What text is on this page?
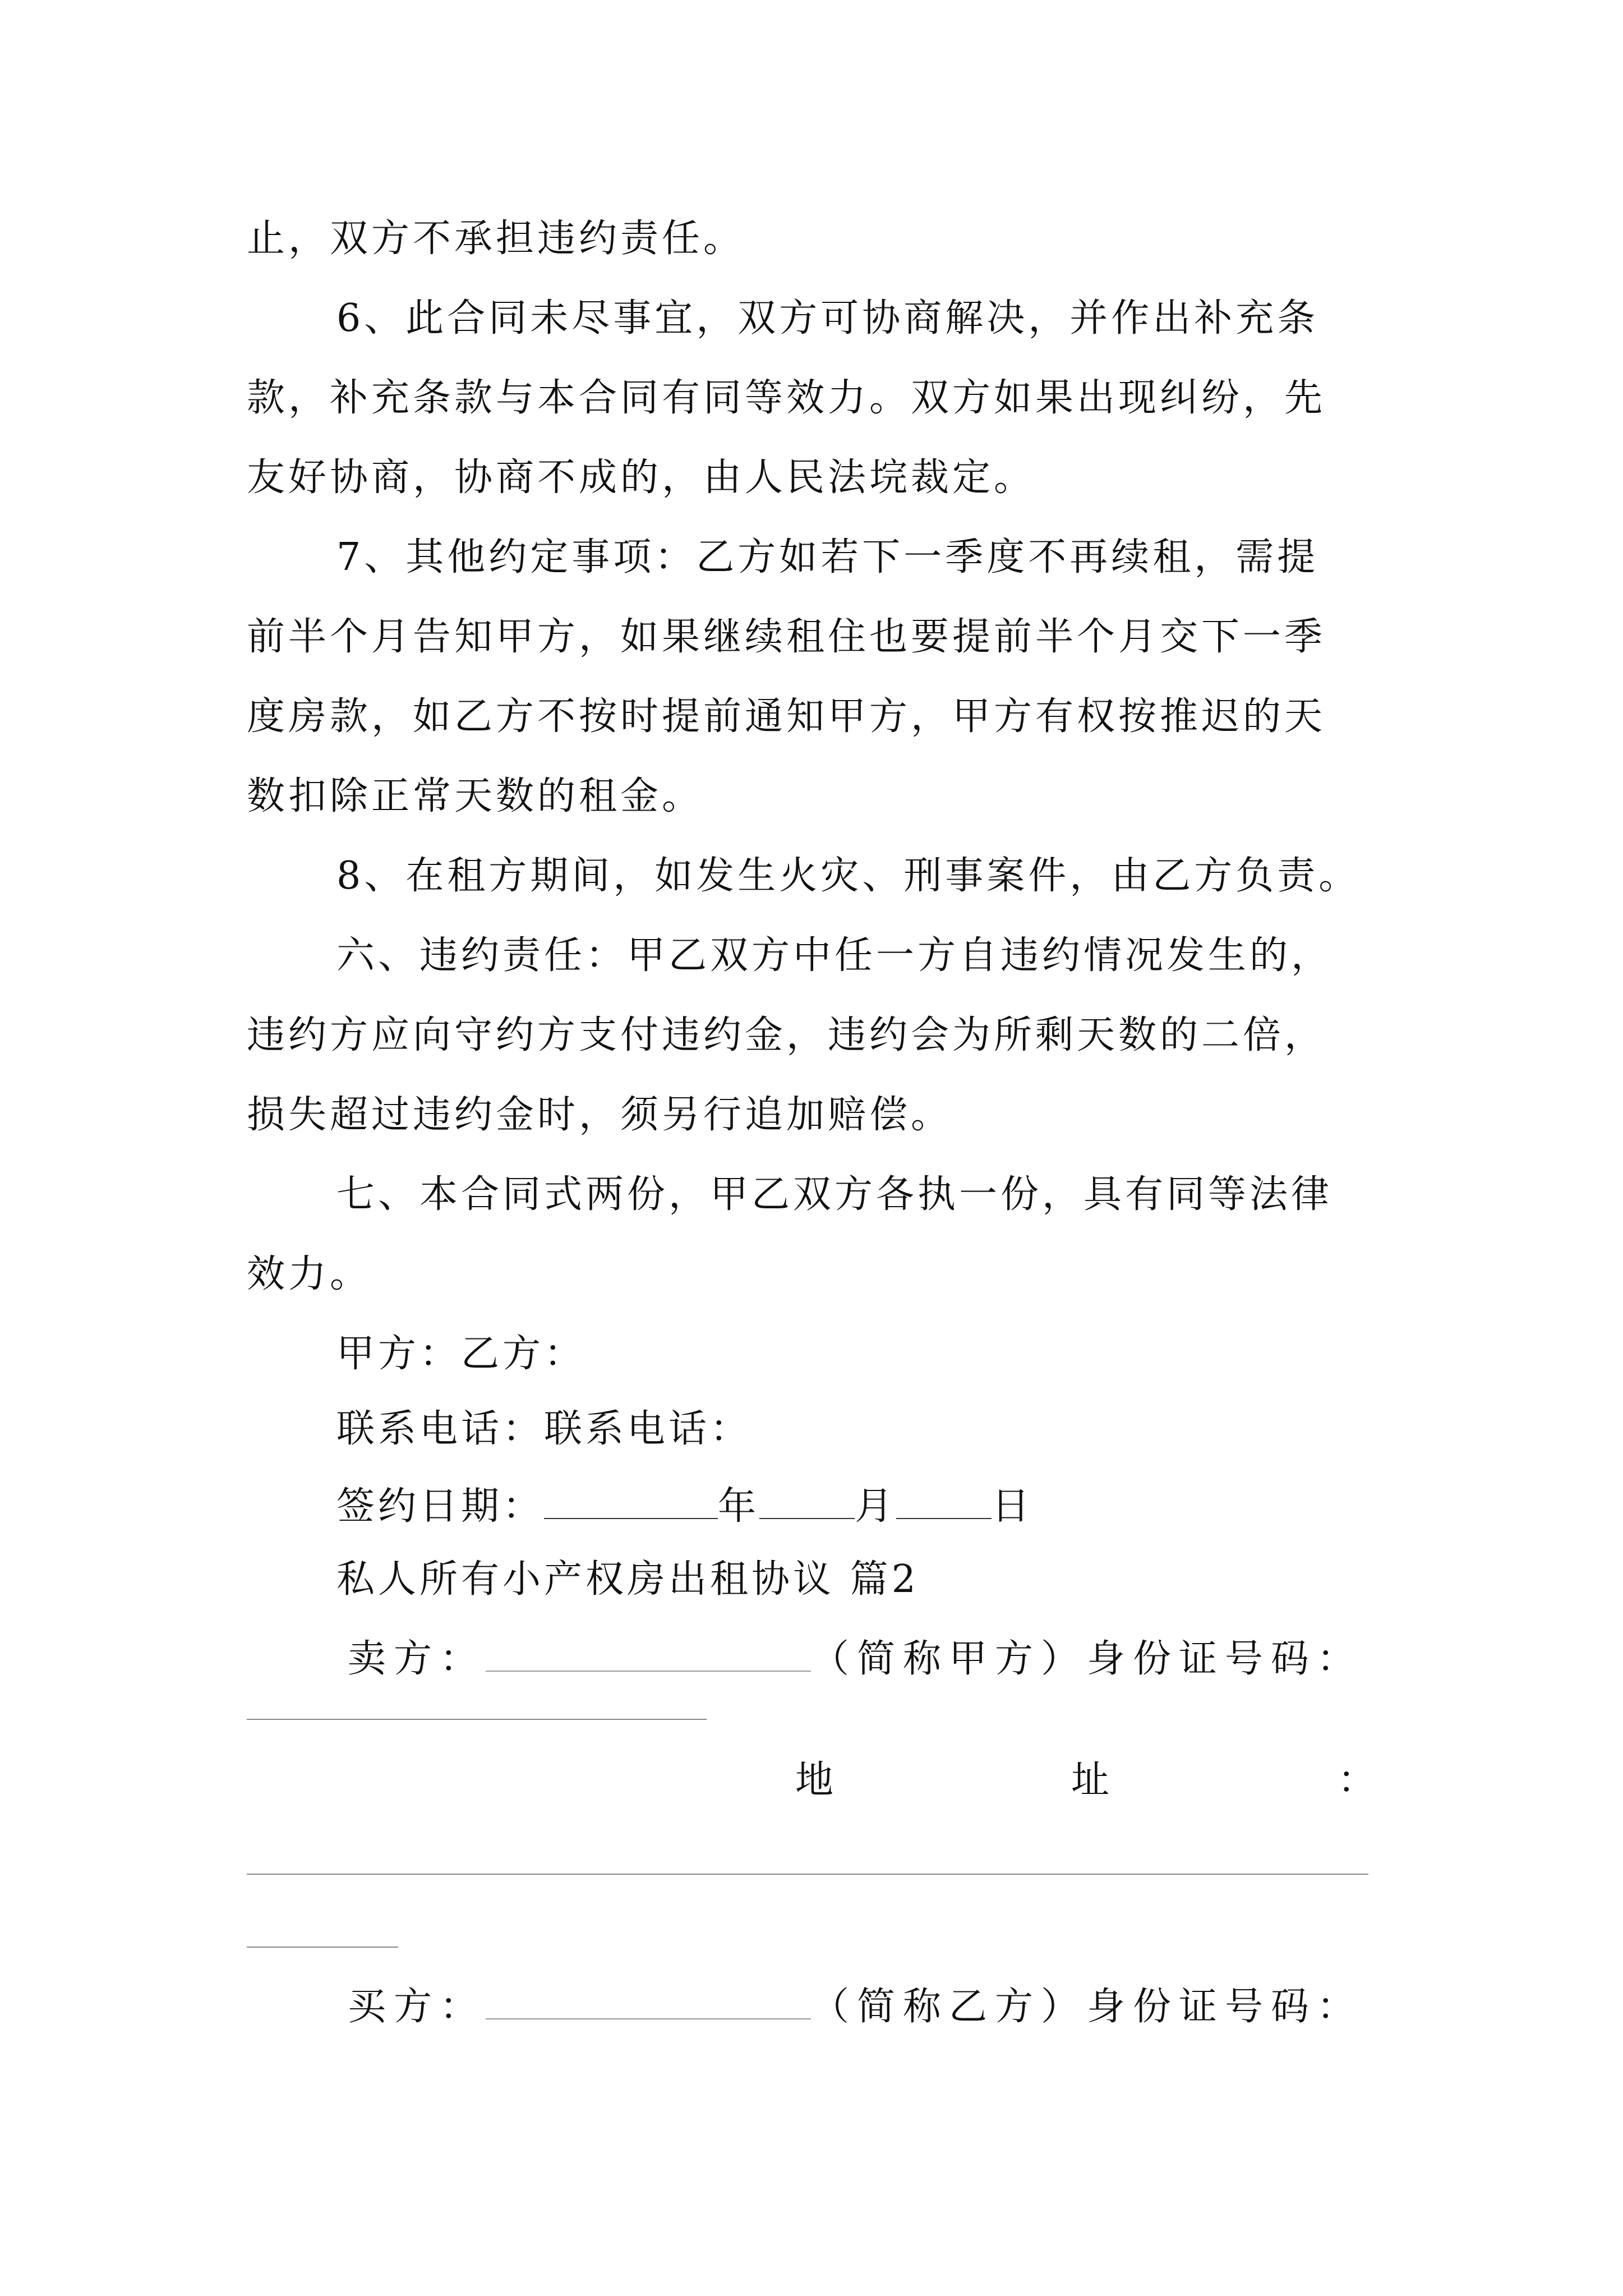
止，双方不承担违约责任。
6、此合同未尽事宜，双方可协商解决，并作出补充条
款，补充条款与本合同有同等效力。双方如果出现纠纷，先
友好协商，协商不成的，由人民法垸裁定。
7、其他约定事项：乙方如若下一季度不再续租，需提
前半个月告知甲方，如果继续租住也要提前半个月交下一季
度房款，如乙方不按时提前通知甲方，甲方有权按推迟的天
数扣除正常天数的租金。
8、在租方期间，如发生火灾、刑事案件，由乙方负责。
六、违约责任：甲乙双方中任一方自违约情况发生的，
违约方应向守约方支付违约金，违约会为所剩天数的二倍，
损失超过违约金时，须另行追加赔偿。
七、本合同式两份，甲乙双方各执一份，具有同等法律
效力。
甲方：乙方：
联系电话：联系电话：
签约日期：	年	月	日
私人所有小产权房出租协议 篇2
卖方：	（简称甲方）身份证号码：
地	址	：
买方：	（简称乙方）身份证号码：
